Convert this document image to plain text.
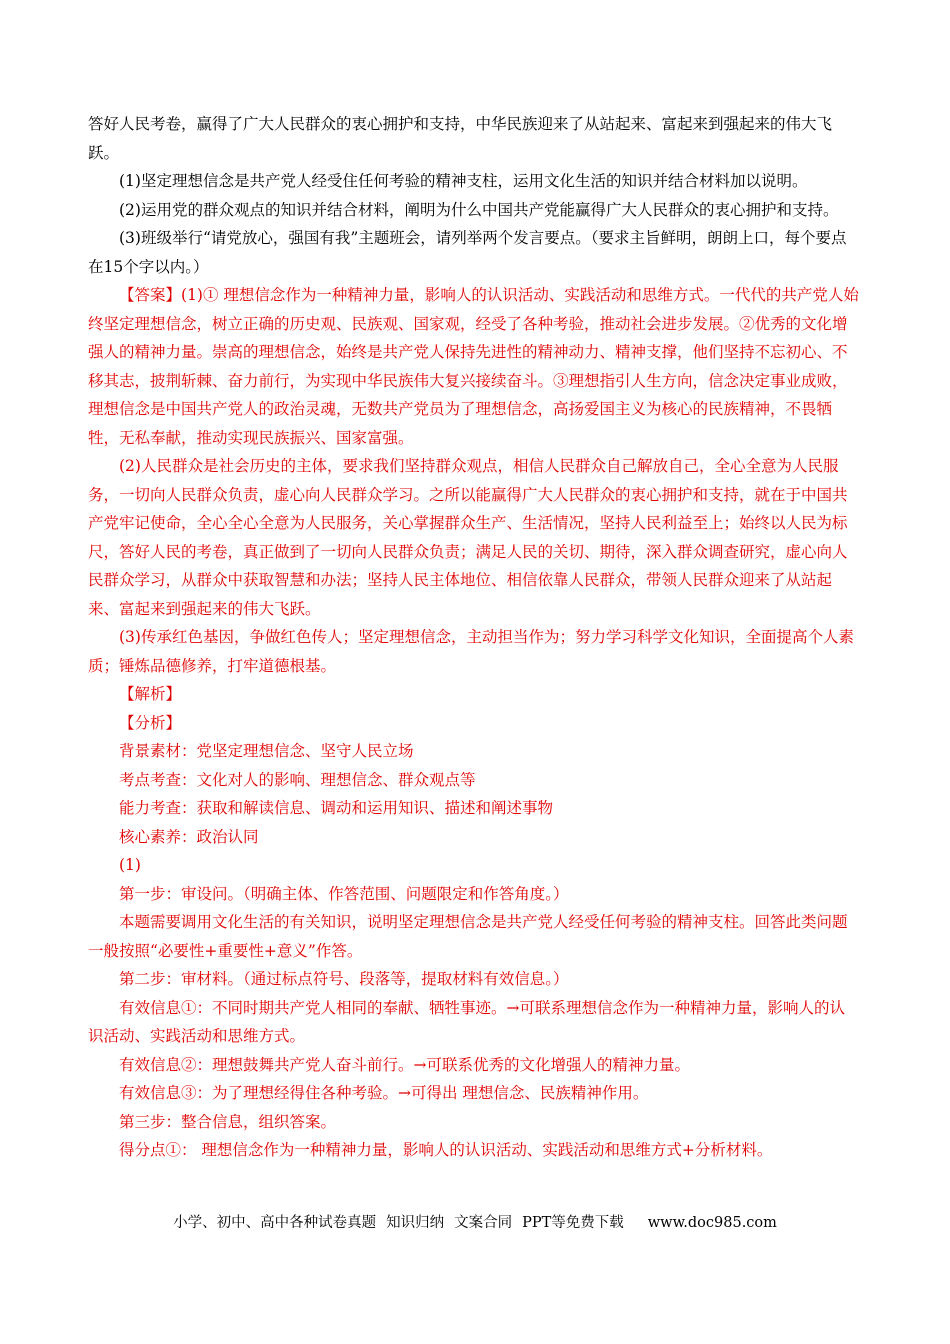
答好人民考卷，赢得了广大人民群众的衷心拥护和支持，中华民族迎来了从站起来、富起来到强起来的伟大飞跃。

(1)坚定理想信念是共产党人经受住任何考验的精神支柱，运用文化生活的知识并结合材料加以说明。

(2)运用党的群众观点的知识并结合材料，阐明为什么中国共产党能赢得广大人民群众的衷心拥护和支持。

(3)班级举行“请党放心，强国有我”主题班会，请列举两个发言要点。（要求主旨鲜明，朗朗上口，每个要点在15个字以内。）

【答案】(1)① 理想信念作为一种精神力量，影响人的认识活动、实践活动和思维方式。一代代的共产党人始终坚定理想信念，树立正确的历史观、民族观、国家观，经受了各种考验，推动社会进步发展。②优秀的文化增强人的精神力量。崇高的理想信念，始终是共产党人保持先进性的精神动力、精神支撑，他们坚持不忘初心、不移其志，披荆斩棘、奋力前行，为实现中华民族伟大复兴接续奋斗。③理想指引人生方向，信念决定事业成败，理想信念是中国共产党人的政治灵魂，无数共产党员为了理想信念，高扬爱国主义为核心的民族精神，不畏牺牲，无私奉献，推动实现民族振兴、国家富强。

(2)人民群众是社会历史的主体，要求我们坚持群众观点，相信人民群众自己解放自己，全心全意为人民服务，一切向人民群众负责，虚心向人民群众学习。之所以能赢得广大人民群众的衷心拥护和支持，就在于中国共产党牢记使命，全心全心全意为人民服务，关心掌握群众生产、生活情况，坚持人民利益至上；始终以人民为标尺，答好人民的考卷，真正做到了一切向人民群众负责；满足人民的关切、期待，深入群众调查研究，虚心向人民群众学习，从群众中获取智慧和办法；坚持人民主体地位、相信依靠人民群众，带领人民群众迎来了从站起来、富起来到强起来的伟大飞跃。

(3)传承红色基因，争做红色传人；坚定理想信念，主动担当作为；努力学习科学文化知识，全面提高个人素质；锤炼品德修养，打牢道德根基。

【解析】

【分析】

背景素材：党坚定理想信念、坚守人民立场

考点考查：文化对人的影响、理想信念、群众观点等

能力考查：获取和解读信息、调动和运用知识、描述和阐述事物

核心素养：政治认同

(1)

第一步：审设问。（明确主体、作答范围、问题限定和作答角度。）

本题需要调用文化生活的有关知识，说明坚定理想信念是共产党人经受任何考验的精神支柱。回答此类问题一般按照“必要性+重要性+意义”作答。

第二步：审材料。（通过标点符号、段落等，提取材料有效信息。）

有效信息①：不同时期共产党人相同的奉献、牺牲事迹。→可联系理想信念作为一种精神力量，影响人的认识活动、实践活动和思维方式。

有效信息②：理想鼓舞共产党人奋斗前行。→可联系优秀的文化增强人的精神力量。

有效信息③：为了理想经得住各种考验。→可得出 理想信念、民族精神作用。

第三步：整合信息，组织答案。

得分点①： 理想信念作为一种精神力量，影响人的认识活动、实践活动和思维方式+分析材料。

小学、初中、高中各种试卷真题 知识归纳 文案合同 PPT等免费下载 www.doc985.com
